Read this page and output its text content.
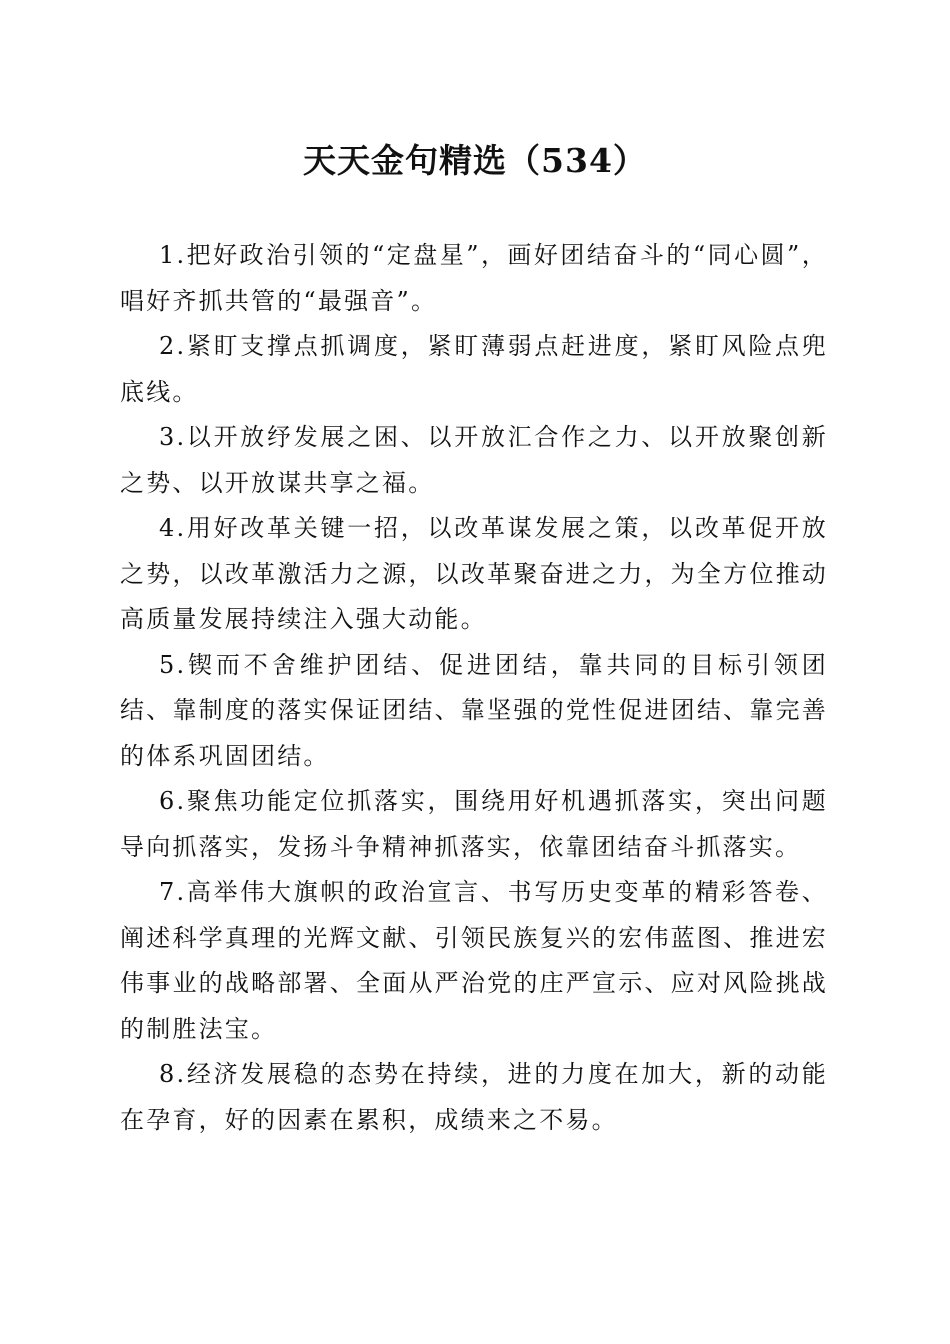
天天金句精选（534）

1.把好政治引领的“定盘星”，画好团结奋斗的“同心圆”，唱好齐抓共管的“最强音”。

2.紧盯支撑点抓调度，紧盯薄弱点赶进度，紧盯风险点兜底线。

3.以开放纾发展之困、以开放汇合作之力、以开放聚创新之势、以开放谋共享之福。

4.用好改革关键一招，以改革谋发展之策，以改革促开放之势，以改革激活力之源，以改革聚奋进之力，为全方位推动高质量发展持续注入强大动能。

5.锲而不舍维护团结、促进团结，靠共同的目标引领团结、靠制度的落实保证团结、靠坚强的党性促进团结、靠完善的体系巩固团结。

6.聚焦功能定位抓落实，围绕用好机遇抓落实，突出问题导向抓落实，发扬斗争精神抓落实，依靠团结奋斗抓落实。

7.高举伟大旗帜的政治宣言、书写历史变革的精彩答卷、阐述科学真理的光辉文献、引领民族复兴的宏伟蓝图、推进宏伟事业的战略部署、全面从严治党的庄严宣示、应对风险挑战的制胜法宝。

8.经济发展稳的态势在持续，进的力度在加大，新的动能在孕育，好的因素在累积，成绩来之不易。
